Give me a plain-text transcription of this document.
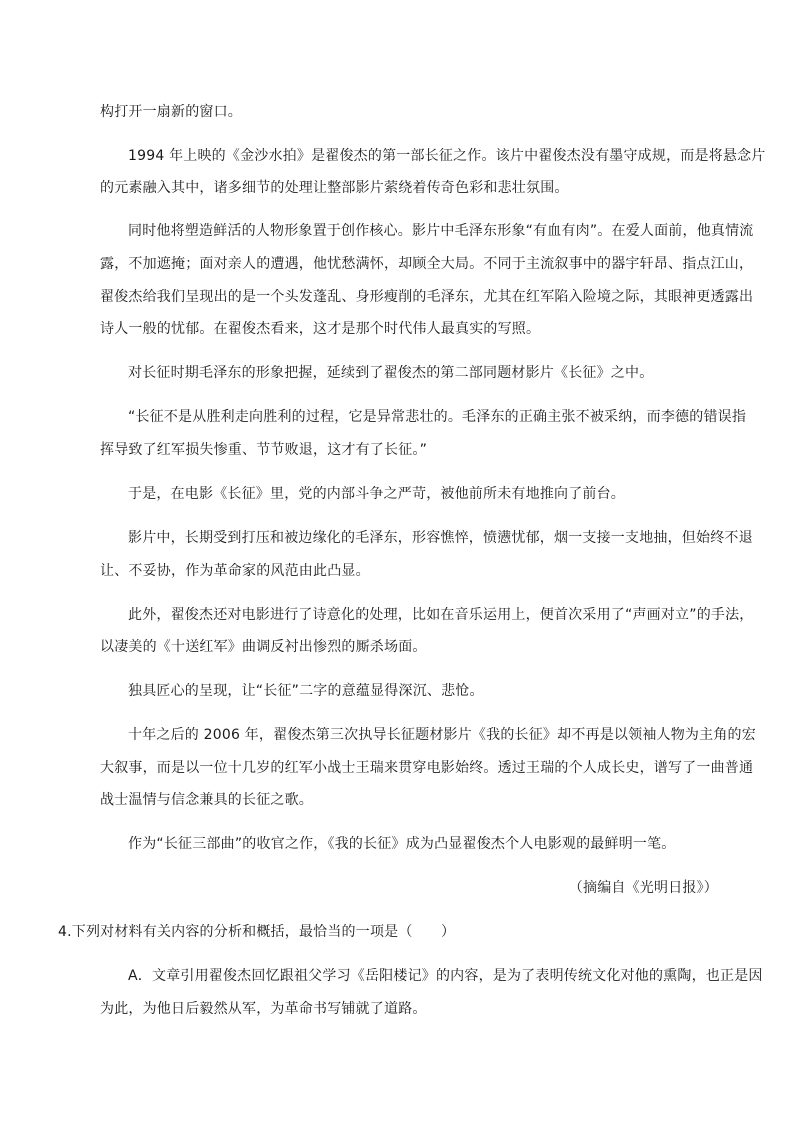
构打开一扇新的窗口。
1994 年上映的《金沙水拍》是翟俊杰的第一部长征之作。该片中翟俊杰没有墨守成规，而是将悬念片
的元素融入其中，诸多细节的处理让整部影片萦绕着传奇色彩和悲壮氛围。
同时他将塑造鲜活的人物形象置于创作核心。影片中毛泽东形象“有血有肉”。在爱人面前，他真情流
露，不加遮掩；面对亲人的遭遇，他忧愁满怀，却顾全大局。不同于主流叙事中的器宇轩昂、指点江山，
翟俊杰给我们呈现出的是一个头发蓬乱、身形瘦削的毛泽东，尤其在红军陷入险境之际，其眼神更透露出
诗人一般的忧郁。在翟俊杰看来，这才是那个时代伟人最真实的写照。
对长征时期毛泽东的形象把握，延续到了翟俊杰的第二部同题材影片《长征》之中。
“长征不是从胜利走向胜利的过程，它是异常悲壮的。毛泽东的正确主张不被采纳，而李德的错误指
挥导致了红军损失惨重、节节败退，这才有了长征。”
于是，在电影《长征》里，党的内部斗争之严苛，被他前所未有地推向了前台。
影片中，长期受到打压和被边缘化的毛泽东，形容憔悴，愤懑忧郁，烟一支接一支地抽，但始终不退
让、不妥协，作为革命家的风范由此凸显。
此外，翟俊杰还对电影进行了诗意化的处理，比如在音乐运用上，便首次采用了“声画对立”的手法，
以凄美的《十送红军》曲调反衬出惨烈的厮杀场面。
独具匠心的呈现，让“长征”二字的意蕴显得深沉、悲怆。
十年之后的 2006 年，翟俊杰第三次执导长征题材影片《我的长征》却不再是以领袖人物为主角的宏
大叙事，而是以一位十几岁的红军小战士王瑞来贯穿电影始终。透过王瑞的个人成长史，谱写了一曲普通
战士温情与信念兼具的长征之歌。
作为“长征三部曲”的收官之作，《我的长征》成为凸显翟俊杰个人电影观的最鲜明一笔。
（摘编自《光明日报》）
4.下列对材料有关内容的分析和概括，最恰当的一项是（　　）
A．文章引用翟俊杰回忆跟祖父学习《岳阳楼记》的内容，是为了表明传统文化对他的熏陶，也正是因
为此，为他日后毅然从军，为革命书写铺就了道路。
